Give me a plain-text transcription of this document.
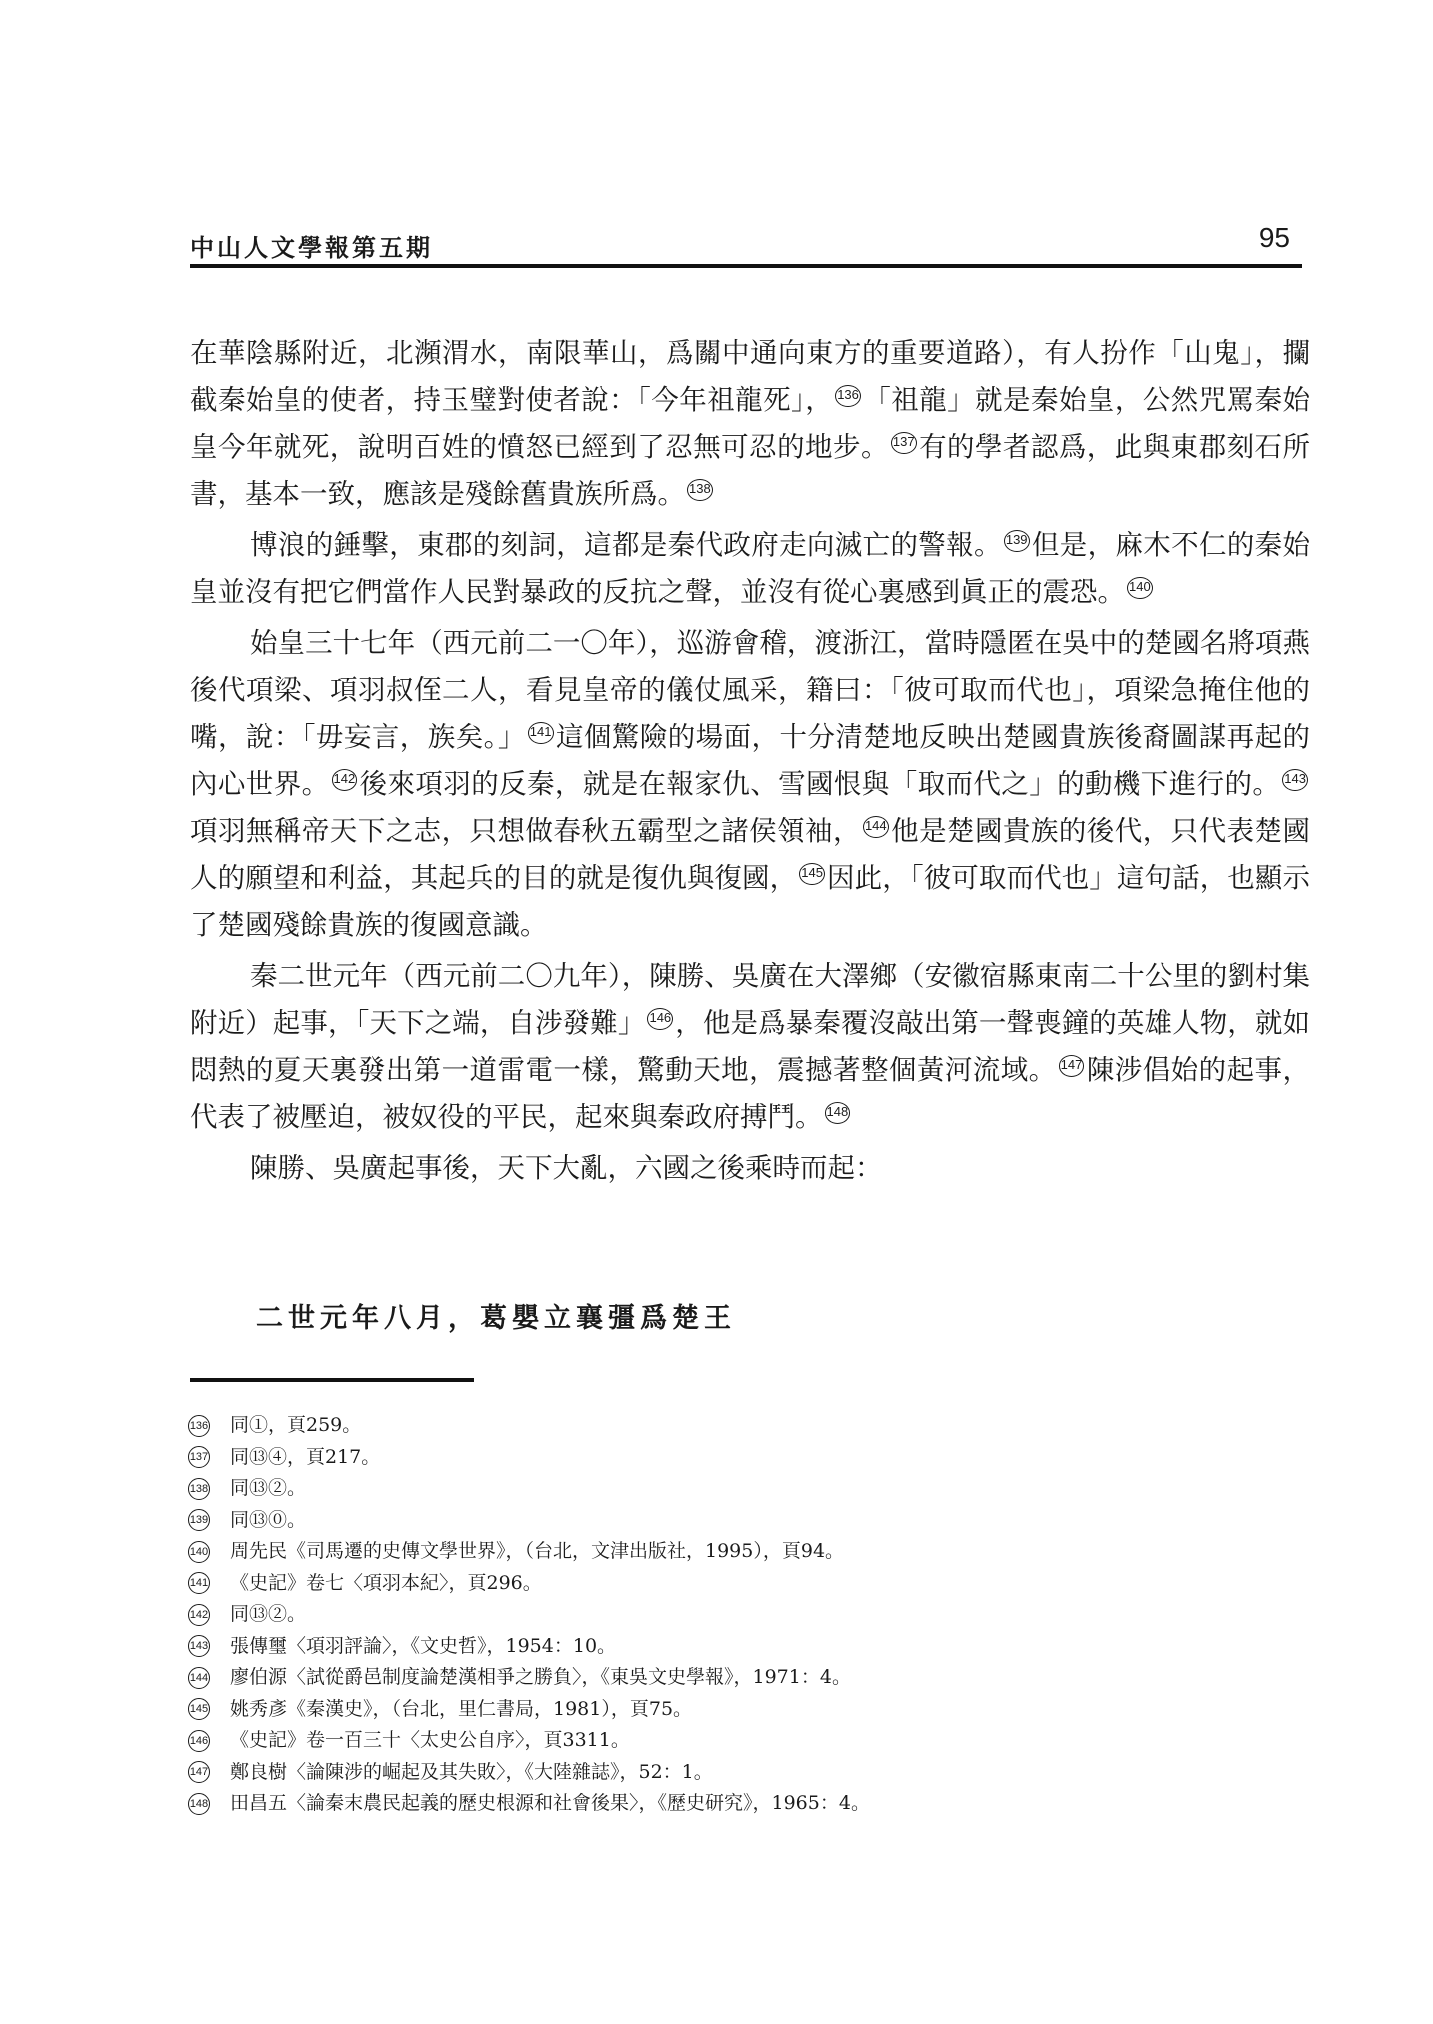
中山人文學報第五期	95

在華陰縣附近，北瀕渭水，南限華山，爲關中通向東方的重要道路），有人扮作「山鬼」，攔截秦始皇的使者，持玉璧對使者說：「今年祖龍死」， 136 「祖龍」就是秦始皇，公然咒罵秦始皇今年就死，說明百姓的憤怒已經到了忍無可忍的地步。 137 有的學者認爲，此與東郡刻石所書，基本一致，應該是殘餘舊貴族所爲。 138

博浪的錘擊，東郡的刻詞，這都是秦代政府走向滅亡的警報。 139 但是，麻木不仁的秦始皇並沒有把它們當作人民對暴政的反抗之聲，並沒有從心裏感到眞正的震恐。 140

始皇三十七年（西元前二一〇年），巡游會稽，渡浙江，當時隱匿在吳中的楚國名將項燕後代項梁、項羽叔侄二人，看見皇帝的儀仗風采，籍曰：「彼可取而代也」，項梁急掩住他的嘴，說：「毋妄言，族矣。」 141 這個驚險的場面，十分清楚地反映出楚國貴族後裔圖謀再起的內心世界。 142 後來項羽的反秦，就是在報家仇、雪國恨與「取而代之」的動機下進行的。 143項羽無稱帝天下之志，只想做春秋五霸型之諸侯領袖， 144 他是楚國貴族的後代，只代表楚國人的願望和利益，其起兵的目的就是復仇與復國， 145 因此，「彼可取而代也」這句話，也顯示了楚國殘餘貴族的復國意識。

秦二世元年（西元前二〇九年），陳勝、吳廣在大澤鄉（安徽宿縣東南二十公里的劉村集附近）起事，「天下之端，自涉發難」 146 ，他是爲暴秦覆沒敲出第一聲喪鐘的英雄人物，就如悶熱的夏天裏發出第一道雷電一樣，驚動天地，震撼著整個黃河流域。 147 陳涉倡始的起事，代表了被壓迫，被奴役的平民，起來與秦政府搏鬥。 148

陳勝、吳廣起事後，天下大亂，六國之後乘時而起：

二世元年八月，葛嬰立襄彊爲楚王
136 同①，頁259。
137 同⑬④，頁217。
138 同⑬②。
139 同⑬⓪。
140 周先民《司馬遷的史傳文學世界》，（台北，文津出版社，1995），頁94。
141 《史記》卷七〈項羽本紀〉，頁296。
142 同⑬②。
143 張傳璽〈項羽評論〉，《文史哲》，1954：10。
144 廖伯源〈試從爵邑制度論楚漢相爭之勝負〉，《東吳文史學報》，1971：4。
145 姚秀彥《秦漢史》，（台北，里仁書局，1981），頁75。
146 《史記》卷一百三十〈太史公自序〉，頁3311。
147 鄭良樹〈論陳涉的崛起及其失敗〉，《大陸雜誌》，52：1。
148 田昌五〈論秦末農民起義的歷史根源和社會後果〉，《歷史研究》，1965：4。
